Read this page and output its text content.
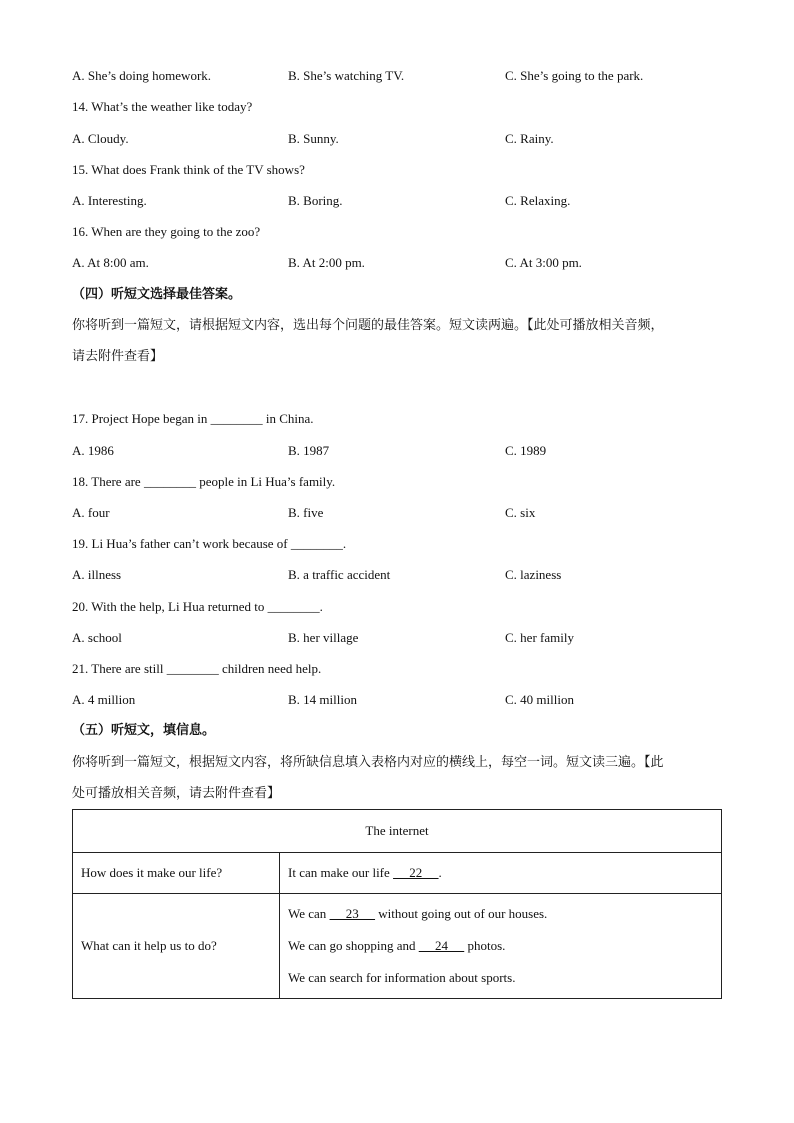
A. She’s doing homework.	B. She’s watching TV.	C. She’s going to the park.
14. What’s the weather like today?
A. Cloudy.	B. Sunny.	C. Rainy.
15. What does Frank think of the TV shows?
A. Interesting.	B. Boring.	C. Relaxing.
16. When are they going to the zoo?
A. At 8:00 am.	B. At 2:00 pm.	C. At 3:00 pm.
（四）听短文选择最佳答案。
你将听到一篇短文，请根据短文内容，选出每个问题的最佳答案。短文读两遍。【此处可播放相关音频，
请去附件查看】
17. Project Hope began in ________ in China.
A. 1986	B. 1987	C. 1989
18. There are ________ people in Li Hua’s family.
A. four	B. five	C. six
19. Li Hua’s father can’t work because of ________.
A. illness	B. a traffic accident	C. laziness
20. With the help, Li Hua returned to ________.
A. school	B. her village	C. her family
21. There are still ________ children need help.
A. 4 million	B. 14 million	C. 40 million
（五）听短文，填信息。
你将听到一篇短文，根据短文内容，将所缺信息填入表格内对应的横线上，每空一词。短文读三遍。【此
处可播放相关音频，请去附件查看】
The internet	
How does it make our life?	It can make our life      22     .
What can it help us to do?	We can      23      without going out of our houses.
We can go shopping and      24      photos.
We can search for information about sports.
